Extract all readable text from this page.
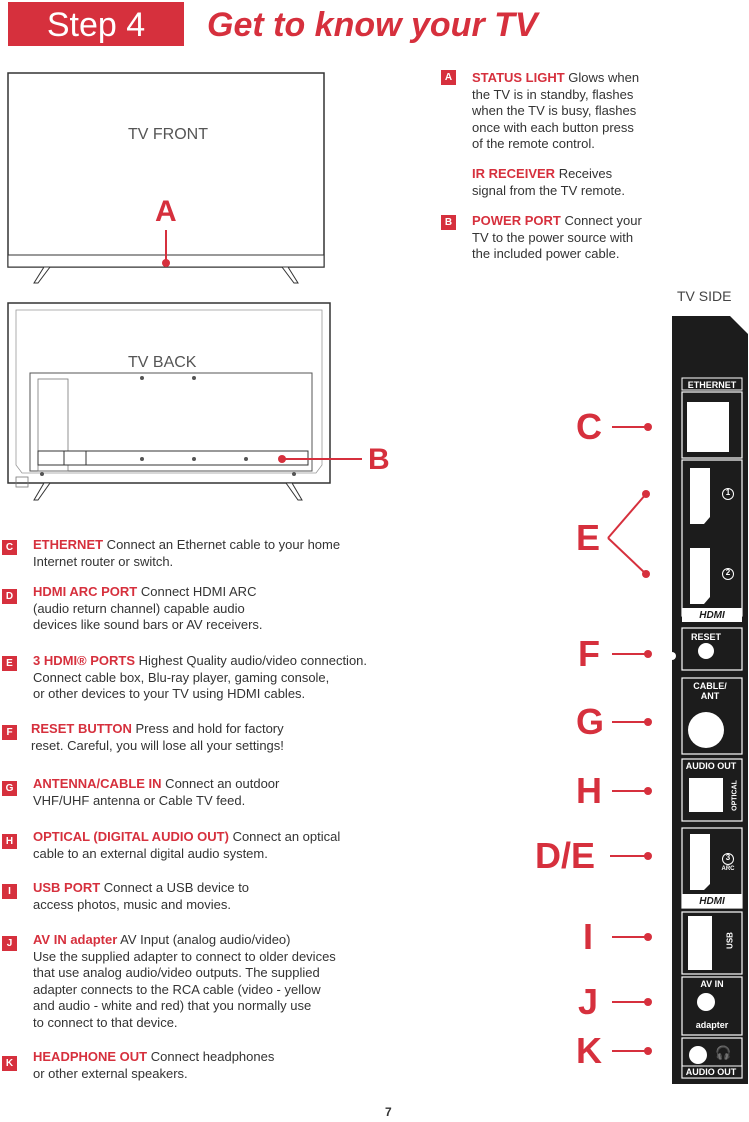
Step 4	Get to know your TV
TV FRONT
A
TV BACK
B
A STATUS LIGHT Glows when
the TV is in standby, flashes
when the TV is busy, flashes
once with each button press
of the remote control.
IR RECEIVER Receives
signal from the TV remote.
B POWER PORT Connect your
TV to the power source with
the included power cable.
TV SIDE
C ETHERNET Connect an Ethernet cable to your home
Internet router or switch.
D HDMI ARC PORT Connect HDMI ARC
(audio return channel) capable audio
devices like sound bars or AV receivers.
E	3 HDMI® PORTS Highest Quality audio/video connection.
Connect cable box, Blu-ray player, gaming console,
or other devices to your TV using HDMI cables.
F	RESET BUTTON Press and hold for factory
reset. Careful, you will lose all your settings!
G ANTENNA/CABLE IN Connect an outdoor
VHF/UHF antenna or Cable TV feed.
H OPTICAL (DIGITAL AUDIO OUT) Connect an optical
cable to an external digital audio system.
I	USB PORT Connect a USB device to
access photos, music and movies.
J	AV IN adapter AV Input (analog audio/video)
Use the supplied adapter to connect to older devices
that use analog audio/video outputs. The supplied
adapter connects to the RCA cable (video - yellow
and audio - white and red) that you normally use
to connect to that device.
K HEADPHONE OUT Connect headphones
or other external speakers.
C
E
F
G
H
D/E
I
J
K
ETHERNET
1
2
HDMI
RESET
CABLE/
ANT
AUDIO OUT
OPTICAL
3
ARC
HDMI
USB
AV IN
adapter
🎧
AUDIO OUT
7
